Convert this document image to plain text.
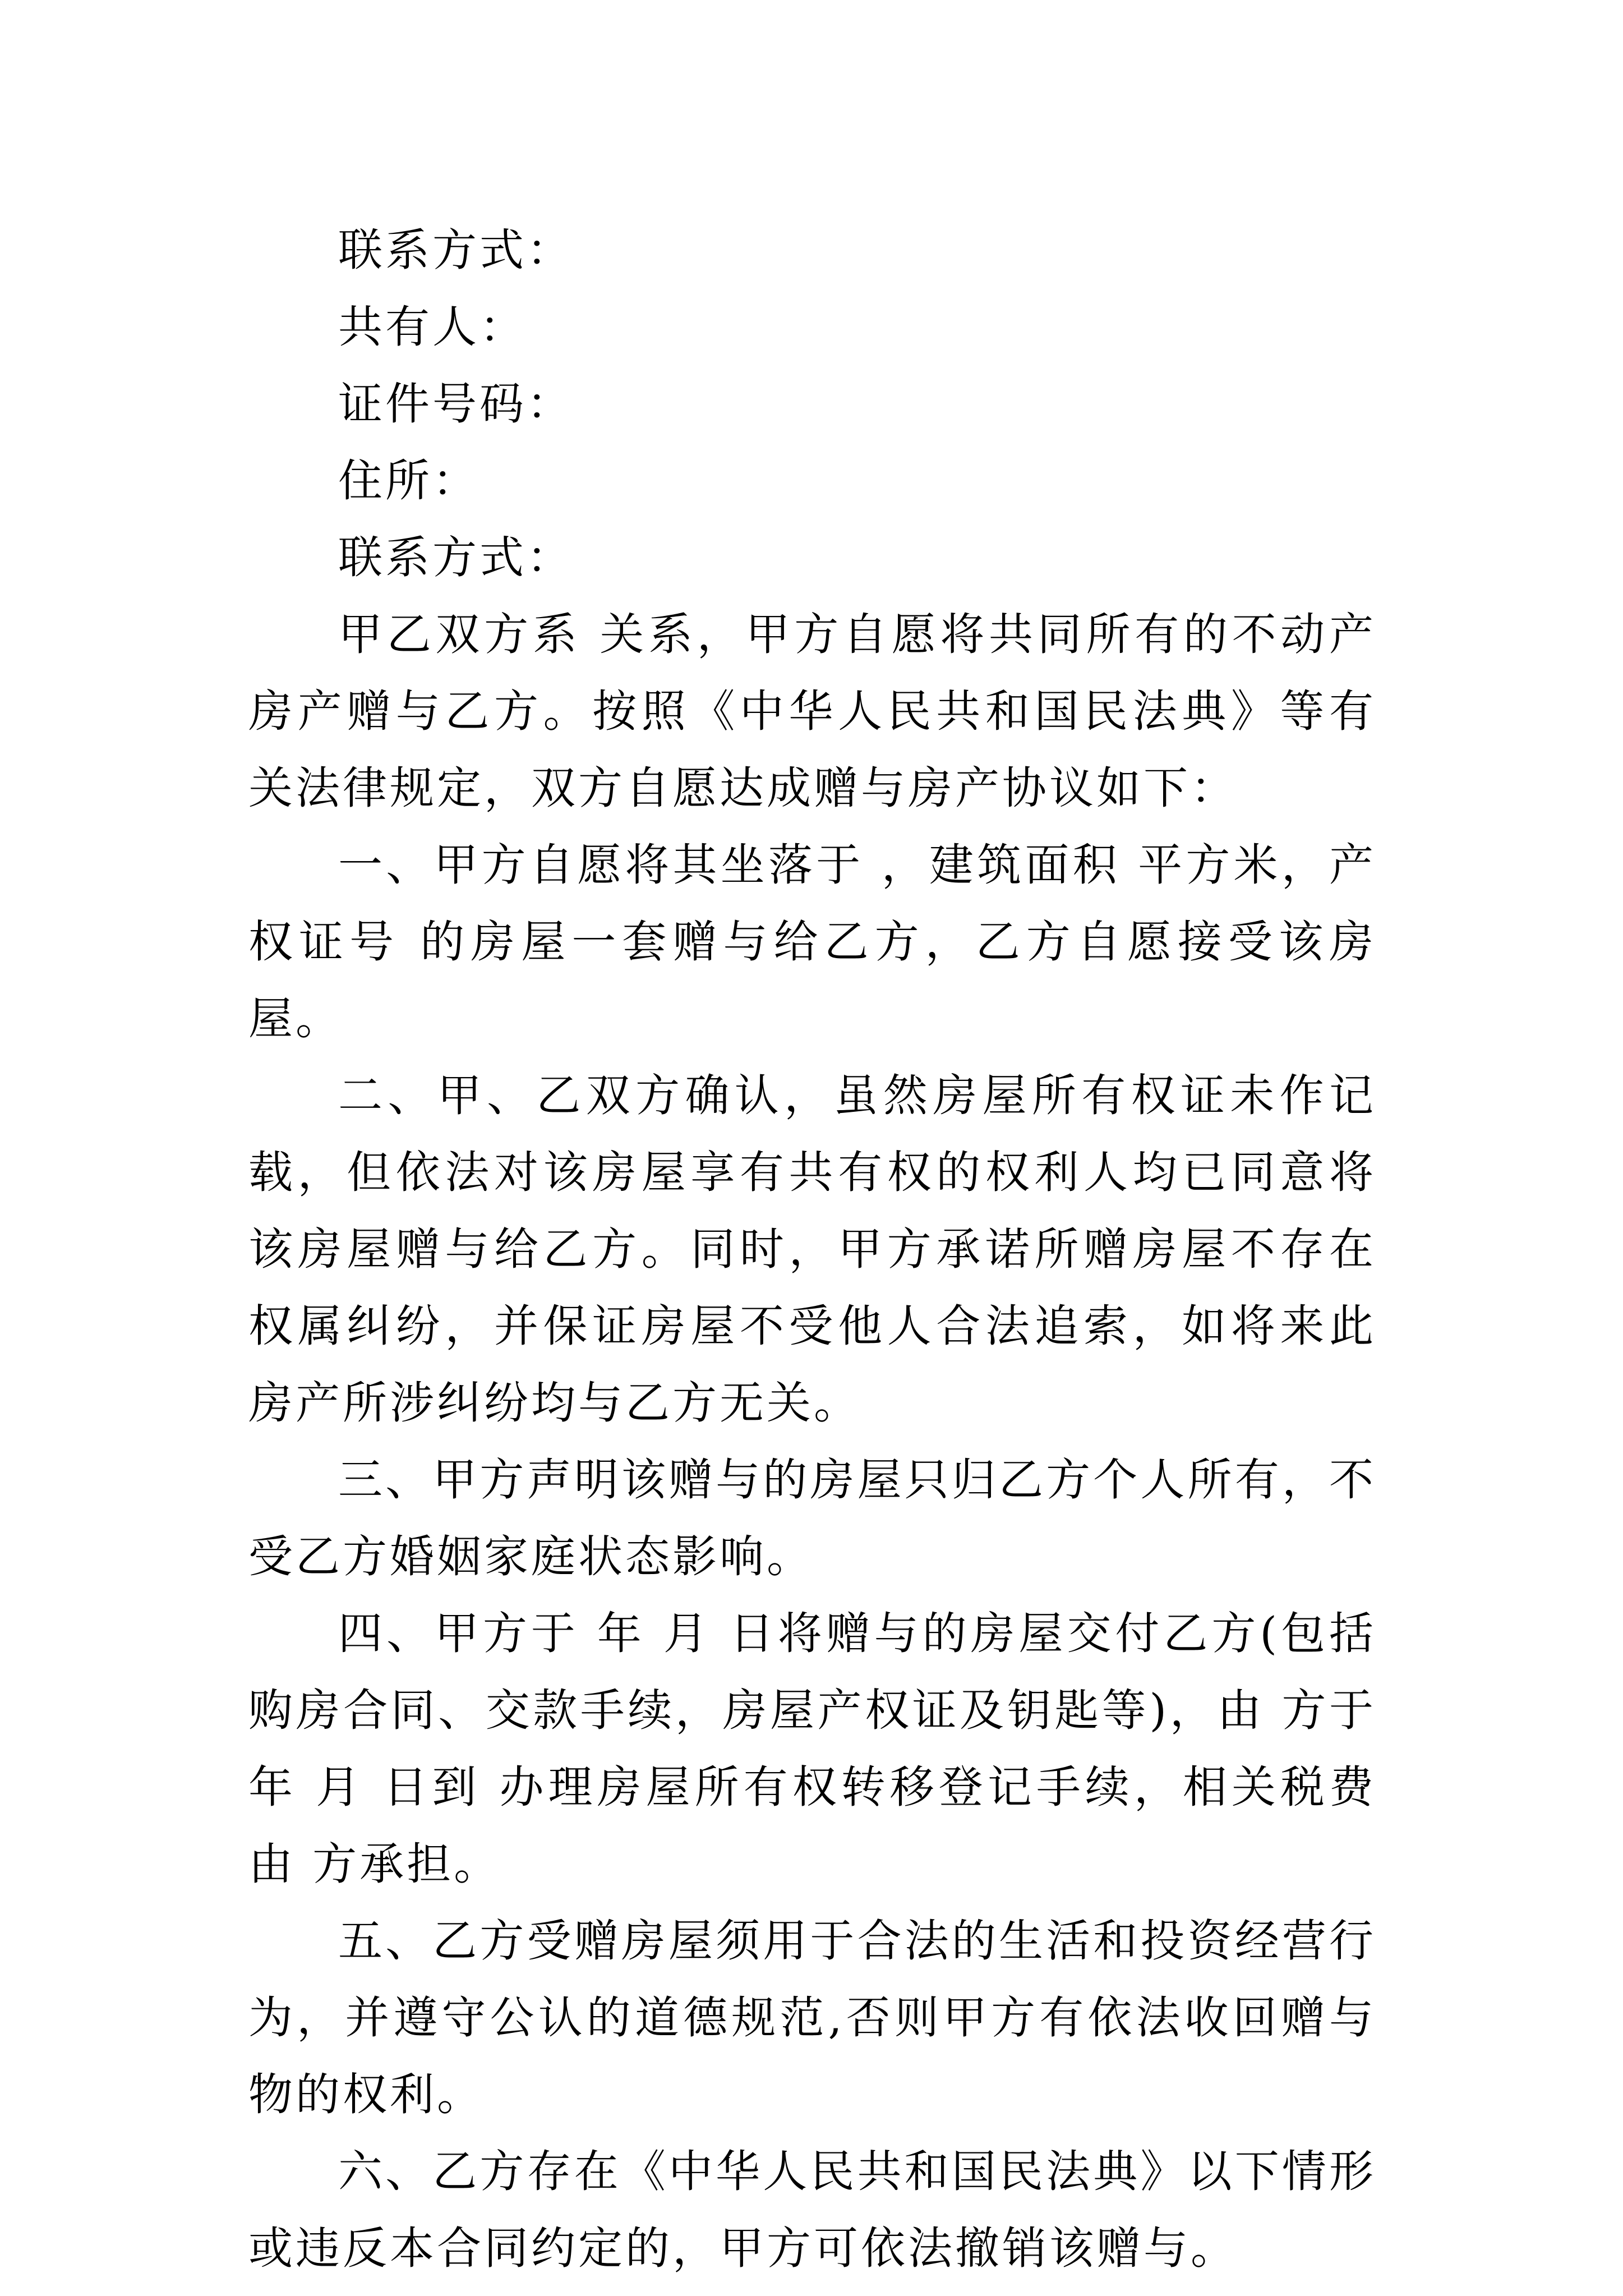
联系方式：

共有人：

证件号码：

住所：

联系方式：

甲乙双方系 关系，甲方自愿将共同所有的不动产房产赠与乙方。按照《中华人民共和国民法典》等有关法律规定，双方自愿达成赠与房产协议如下：

一、甲方自愿将其坐落于 ，建筑面积 平方米，产权证号 的房屋一套赠与给乙方，乙方自愿接受该房屋。

二、甲、乙双方确认，虽然房屋所有权证未作记载，但依法对该房屋享有共有权的权利人均已同意将该房屋赠与给乙方。同时，甲方承诺所赠房屋不存在权属纠纷，并保证房屋不受他人合法追索，如将来此房产所涉纠纷均与乙方无关。

三、甲方声明该赠与的房屋只归乙方个人所有，不受乙方婚姻家庭状态影响。

四、甲方于 年 月 日将赠与的房屋交付乙方(包括购房合同、交款手续，房屋产权证及钥匙等)，由 方于 年 月 日到 办理房屋所有权转移登记手续，相关税费由 方承担。

五、乙方受赠房屋须用于合法的生活和投资经营行为，并遵守公认的道德规范,否则甲方有依法收回赠与物的权利。

六、乙方存在《中华人民共和国民法典》以下情形或违反本合同约定的，甲方可依法撤销该赠与。
